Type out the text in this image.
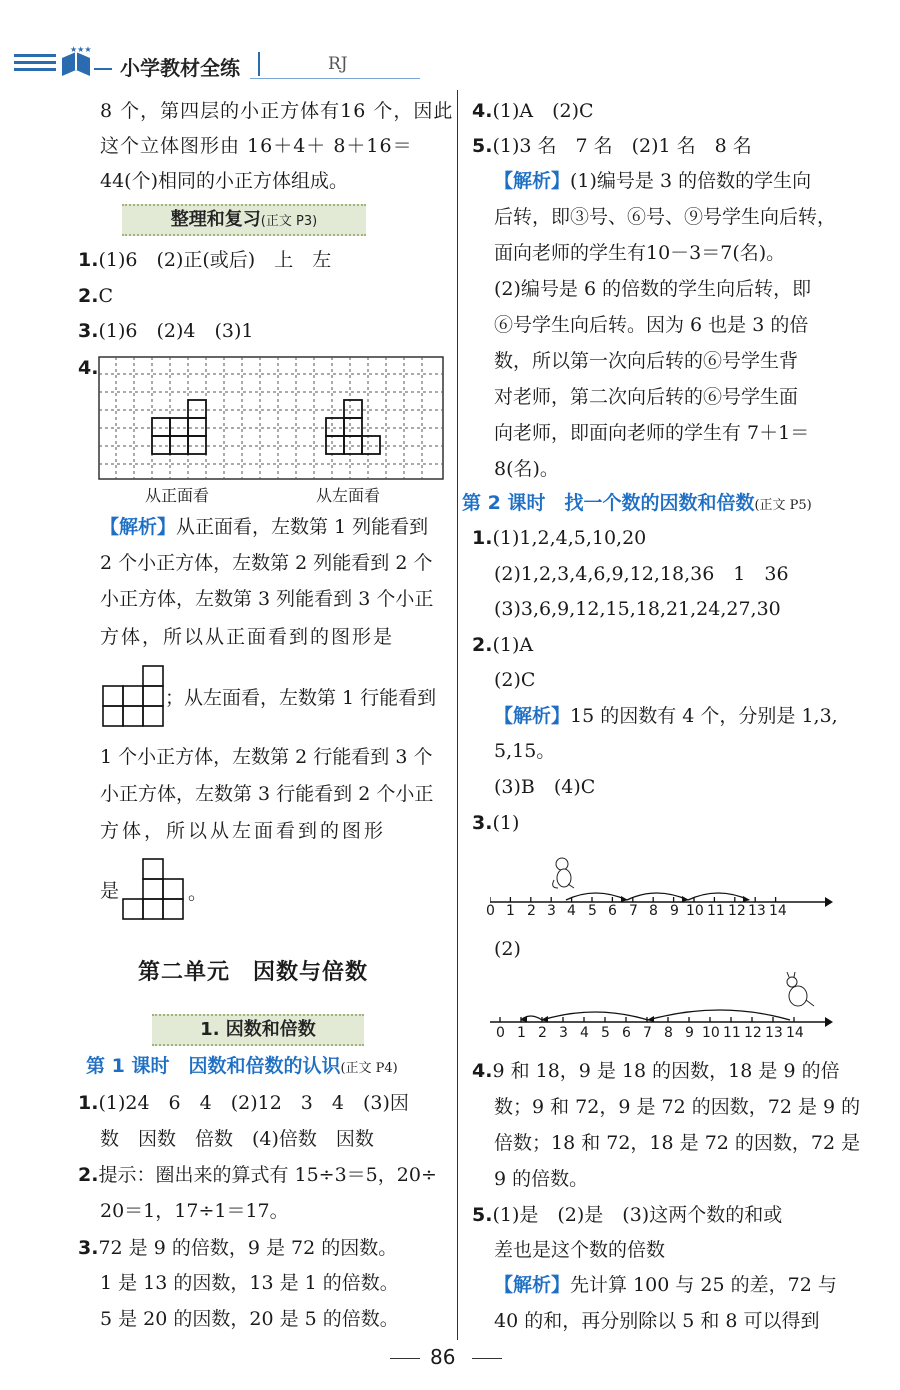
★★★
小学教材全练	RJ
8 个，第四层的小正方体有16 个，因此
这个立体图形由 16＋4＋ 8＋16＝
44(个)相同的小正方体组成。
整理和复习(正文 P3)
1.(1)6　(2)正(或后)　上　左
2.C
3.(1)6　(2)4　(3)1
4.
从正面看	从左面看
【解析】从正面看，左数第 1 列能看到
2 个小正方体，左数第 2 列能看到 2 个
小正方体，左数第 3 列能看到 3 个小正
方体，所以从正面看到的图形是
；从左面看，左数第 1 行能看到
1 个小正方体，左数第 2 行能看到 3 个
小正方体，左数第 3 行能看到 2 个小正
方体，所以从左面看到的图形
是	。
第二单元　因数与倍数
1. 因数和倍数
第 1 课时　因数和倍数的认识(正文 P4)
1.(1)24　6　4　(2)12　3　4　(3)因
数　因数　倍数　(4)倍数　因数
2.提示：圈出来的算式有 15÷3＝5，20÷
20＝1，17÷1＝17。
3.72 是 9 的倍数，9 是 72 的因数。
1 是 13 的因数，13 是 1 的倍数。
5 是 20 的因数，20 是 5 的倍数。
4.(1)A　(2)C
5.(1)3 名　7 名　(2)1 名　8 名
【解析】(1)编号是 3 的倍数的学生向
后转，即③号、⑥号、⑨号学生向后转，
面向老师的学生有10－3＝7(名)。
(2)编号是 6 的倍数的学生向后转，即
⑥号学生向后转。因为 6 也是 3 的倍
数，所以第一次向后转的⑥号学生背
对老师，第二次向后转的⑥号学生面
向老师，即面向老师的学生有 7＋1＝
8(名)。
第 2 课时　找一个数的因数和倍数(正文 P5)
1.(1)1,2,4,5,10,20
(2)1,2,3,4,6,9,12,18,36　1　36
(3)3,6,9,12,15,18,21,24,27,30
2.(1)A
(2)C
【解析】15 的因数有 4 个，分别是 1,3,
5,15。
(3)B　(4)C
3.(1)
0 1 2 3 4 5 6 7 8 9 10 11 12 13 14
(2)
0 1 2 3 4 5 6 7 8 9 10 11 12 13 14
4.9 和 18，9 是 18 的因数，18 是 9 的倍
数；9 和 72，9 是 72 的因数，72 是 9 的
倍数；18 和 72，18 是 72 的因数，72 是
9 的倍数。
5.(1)是　(2)是　(3)这两个数的和或
差也是这个数的倍数
【解析】先计算 100 与 25 的差，72 与
40 的和，再分别除以 5 和 8 可以得到
86
